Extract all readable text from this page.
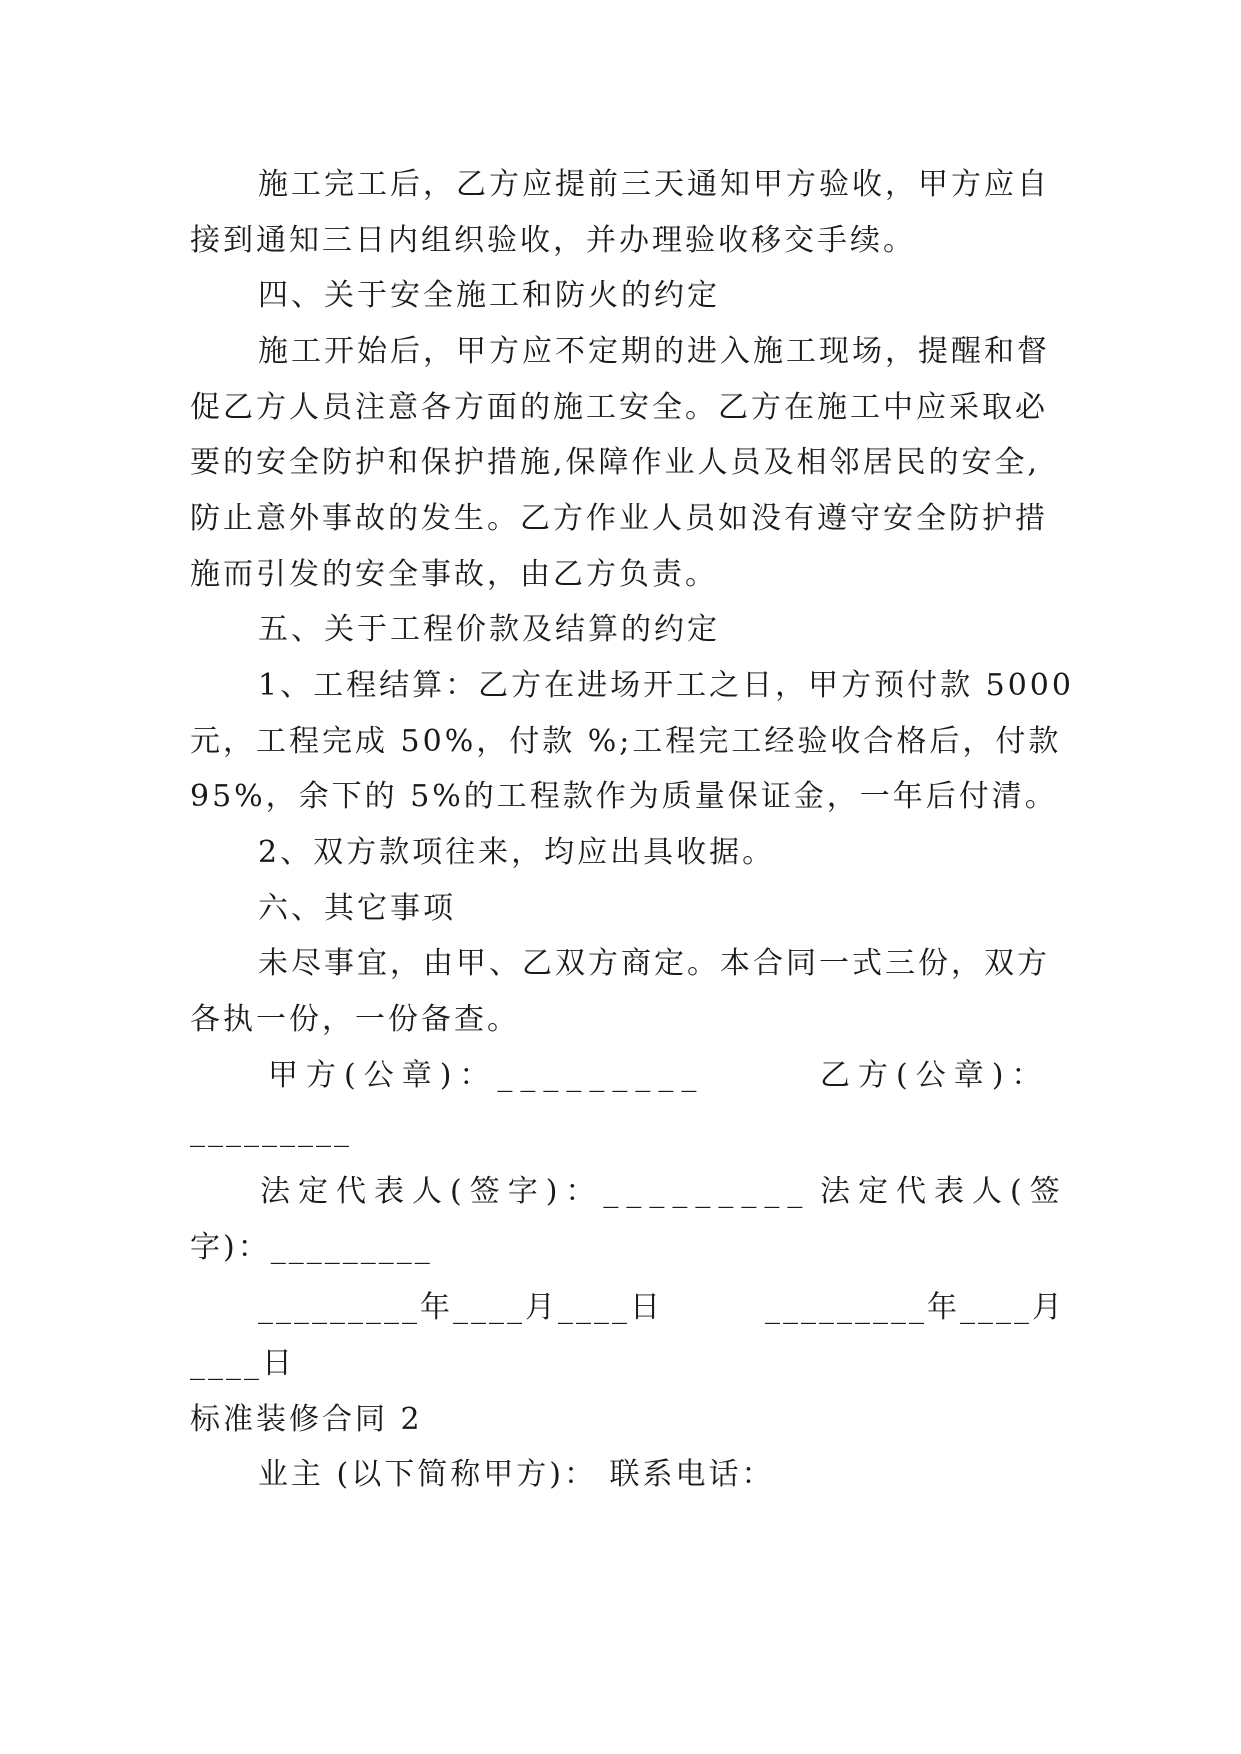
施工完工后，乙方应提前三天通知甲方验收，甲方应自
接到通知三日内组织验收，并办理验收移交手续。
四、关于安全施工和防火的约定
施工开始后，甲方应不定期的进入施工现场，提醒和督
促乙方人员注意各方面的施工安全。乙方在施工中应采取必
要的安全防护和保护措施,保障作业人员及相邻居民的安全,
防止意外事故的发生。乙方作业人员如没有遵守安全防护措
施而引发的安全事故，由乙方负责。
五、关于工程价款及结算的约定
1、工程结算：乙方在进场开工之日，甲方预付款 5000
元，工程完成 50%，付款 %;工程完工经验收合格后，付款
95%，余下的 5%的工程款作为质量保证金，一年后付清。
2、双方款项往来，均应出具收据。
六、其它事项
未尽事宜，由甲、乙双方商定。本合同一式三份，双方
各执一份，一份备查。
甲方(公章)：_________	乙方(公章)：
_________
法定代表人(签字)：_________ 法定代表人(签
字)：_________
_________年____月____日	_________年____月
____日
标准装修合同 2
业主 (以下简称甲方)： 联系电话：
